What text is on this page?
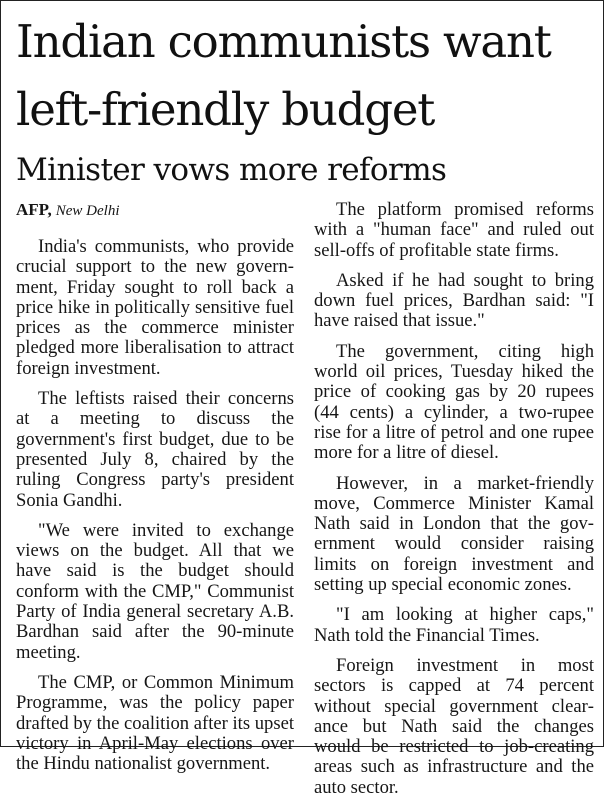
Indian communists want left-friendly budget
Minister vows more reforms

AFP, New Delhi

India's communists, who provide crucial support to the new government, Friday sought to roll back a price hike in politically sensitive fuel prices as the commerce minister pledged more liberalisation to attract foreign investment.

The leftists raised their concerns at a meeting to discuss the government's first budget, due to be presented July 8, chaired by the ruling Congress party's president Sonia Gandhi.

"We were invited to exchange views on the budget. All that we have said is the budget should conform with the CMP," Communist Party of India general secretary A.B. Bardhan said after the 90-minute meeting.

The CMP, or Common Minimum Programme, was the policy paper drafted by the coalition after its upset victory in April-May elections over the Hindu nationalist government.

The platform promised reforms with a "human face" and ruled out sell-offs of profitable state firms.

Asked if he had sought to bring down fuel prices, Bardhan said: "I have raised that issue."

The government, citing high world oil prices, Tuesday hiked the price of cooking gas by 20 rupees (44 cents) a cylinder, a two-rupee rise for a litre of petrol and one rupee more for a litre of diesel.

However, in a market-friendly move, Commerce Minister Kamal Nath said in London that the government would consider raising limits on foreign investment and setting up special economic zones.

"I am looking at higher caps," Nath told the Financial Times.

Foreign investment in most sectors is capped at 74 percent without special government clearance but Nath said the changes would be restricted to job-creating areas such as infrastructure and the auto sector.
